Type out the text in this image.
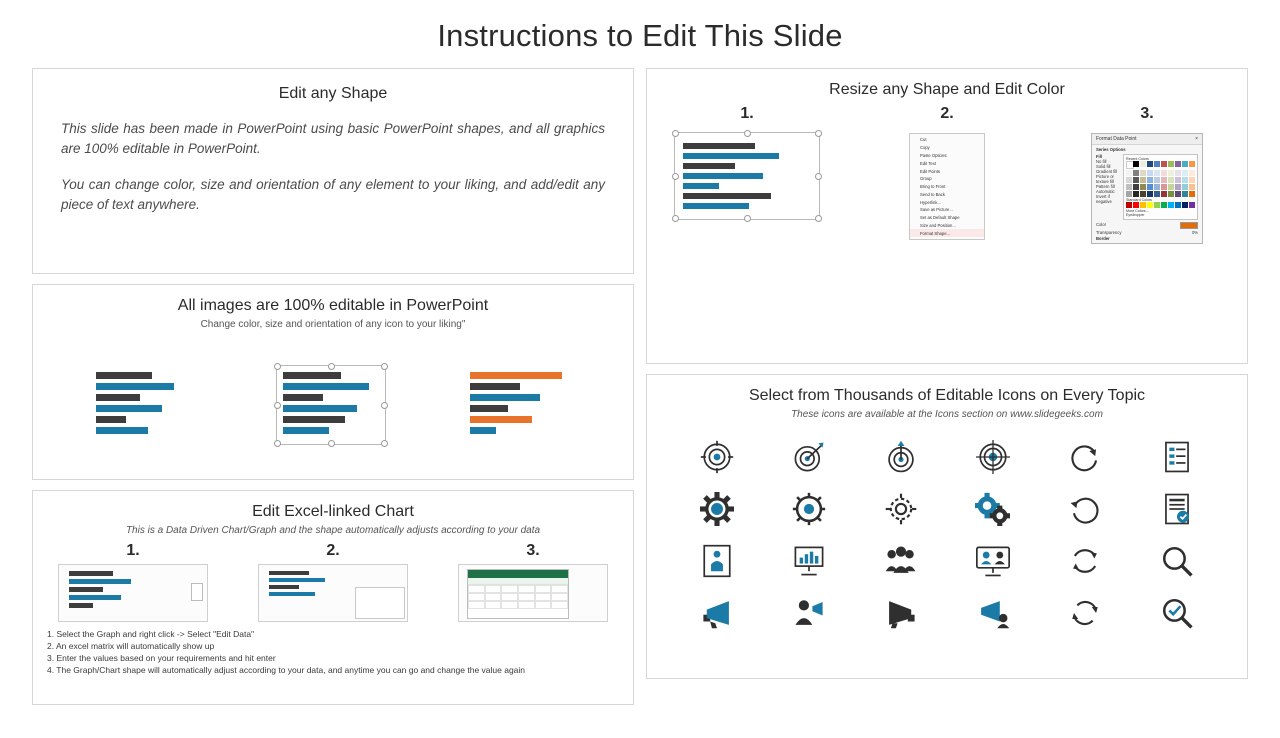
Instructions to Edit This Slide
Edit any Shape

This slide has been made in PowerPoint using basic PowerPoint shapes, and all graphics are 100% editable in PowerPoint.

You can change color, size and orientation of any element to your liking, and add/edit any piece of text anywhere.

All images are 100% editable in PowerPoint
Change color, size and orientation of any icon to your liking"
Edit Excel-linked Chart
This is a Data Driven Chart/Graph and the shape automatically adjusts according to your data
1.	2.	3.
1. Select the Graph and right click -> Select "Edit Data"
2. An excel matrix will automatically show up
3. Enter the values based on your requirements and hit enter
4. The Graph/Chart shape will automatically adjust according to your data, and anytime you can go and change the value again
Resize any Shape and Edit Color
1.	2.
Cut
Copy
Paste Options:
Edit Text
Edit Points
Group
Bring to Front
Send to Back
Hyperlink...
Save as Picture...
Set as Default Shape
Size and Position...
Format Shape...
3.
Format Data Point	×
Series Options
Fill
No fill
Solid fill
Gradient fill
Picture or texture fill
Pattern fill
Automatic
Invert if negative
Recent Colors
Standard Colors
More Colors...
Eyedropper
Color
Transparency	0%
Border
Select from Thousands of Editable Icons on Every Topic
These icons are available at the Icons section on www.slidegeeks.com
